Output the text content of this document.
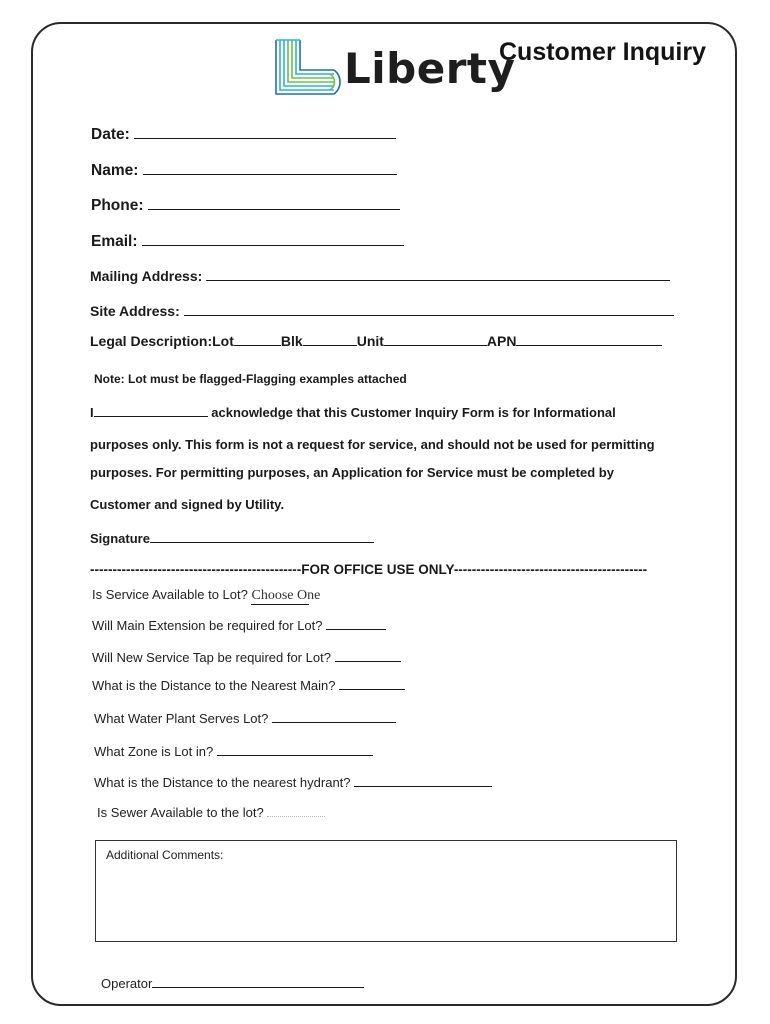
Liberty
Customer Inquiry
Date:
Name:
Phone:
Email:
Mailing Address:
Site Address:
Legal Description:Lot	Blk	Unit	APN
Note: Lot must be flagged-Flagging examples attached
I	acknowledge that this Customer Inquiry Form is for Informational
purposes only. This form is not a request for service, and should not be used for permitting
purposes. For permitting purposes, an Application for Service must be completed by
Customer and signed by Utility.
Signature
-----------------------------------------------FOR OFFICE USE ONLY-------------------------------------------
Is Service Available to Lot? Choose One
Will Main Extension be required for Lot?
Will New Service Tap be required for Lot?
What is the Distance to the Nearest Main?
What Water Plant Serves Lot?
What Zone is Lot in?
What is the Distance to the nearest hydrant?
Is Sewer Available to the lot?
Additional Comments:
Operator
